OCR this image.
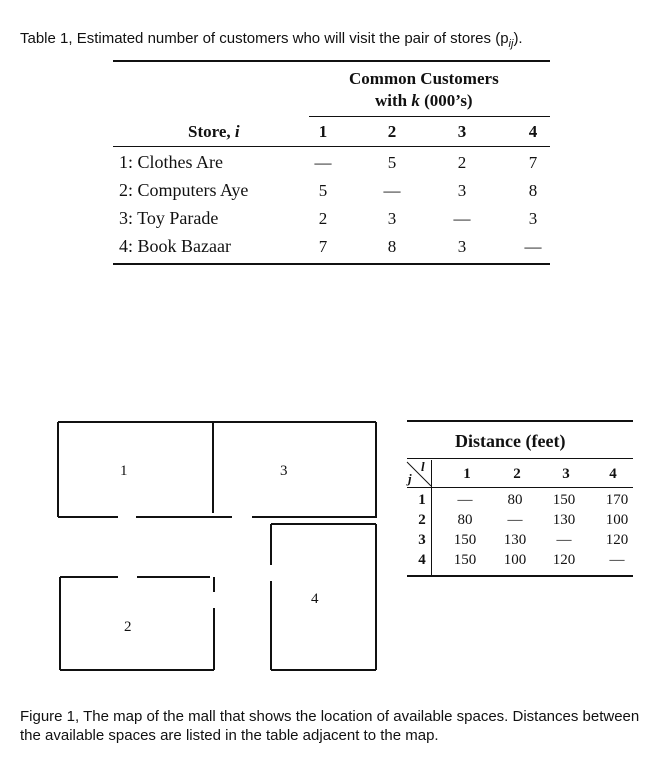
Table 1, Estimated number of customers who will visit the pair of stores $(p_{ij})$.
Common Customers
with k (000’s)
Store, i	1	2	3	4
1: Clothes Are	—	5	2	7
2: Computers Aye	5	—	3	8
3: Toy Parade	2	3	—	3
4: Book Bazaar	7	8	3	—
1
2
3
4
Distance (feet)
j
l	1	2	3	4
1	—	80	150	170
2	80	—	130	100
3	150	130	—	120
4	150	100	120	—
Figure 1, The map of the mall that shows the location of available spaces. Distances between the available spaces are listed in the table adjacent to the map.
